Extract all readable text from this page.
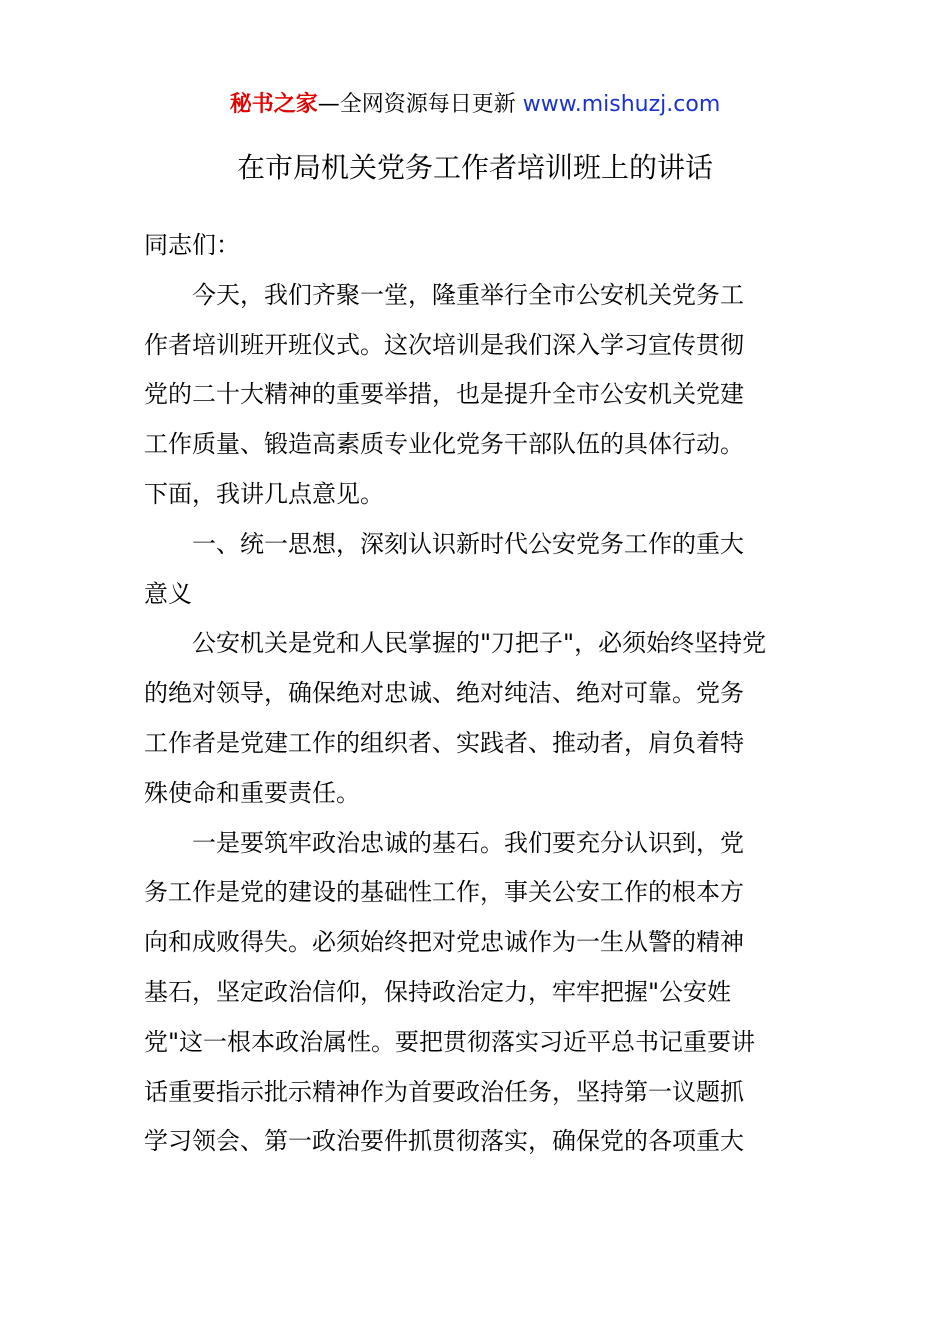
秘书之家—全网资源每日更新 www.mishuzj.com
在市局机关党务工作者培训班上的讲话
同志们：
　　今天，我们齐聚一堂，隆重举行全市公安机关党务工
作者培训班开班仪式。这次培训是我们深入学习宣传贯彻
党的二十大精神的重要举措，也是提升全市公安机关党建
工作质量、锻造高素质专业化党务干部队伍的具体行动。
下面，我讲几点意见。
　　一、统一思想，深刻认识新时代公安党务工作的重大
意义
　　公安机关是党和人民掌握的"刀把子"，必须始终坚持党
的绝对领导，确保绝对忠诚、绝对纯洁、绝对可靠。党务
工作者是党建工作的组织者、实践者、推动者，肩负着特
殊使命和重要责任。
　　一是要筑牢政治忠诚的基石。我们要充分认识到，党
务工作是党的建设的基础性工作，事关公安工作的根本方
向和成败得失。必须始终把对党忠诚作为一生从警的精神
基石，坚定政治信仰，保持政治定力，牢牢把握"公安姓
党"这一根本政治属性。要把贯彻落实习近平总书记重要讲
话重要指示批示精神作为首要政治任务，坚持第一议题抓
学习领会、第一政治要件抓贯彻落实，确保党的各项重大
